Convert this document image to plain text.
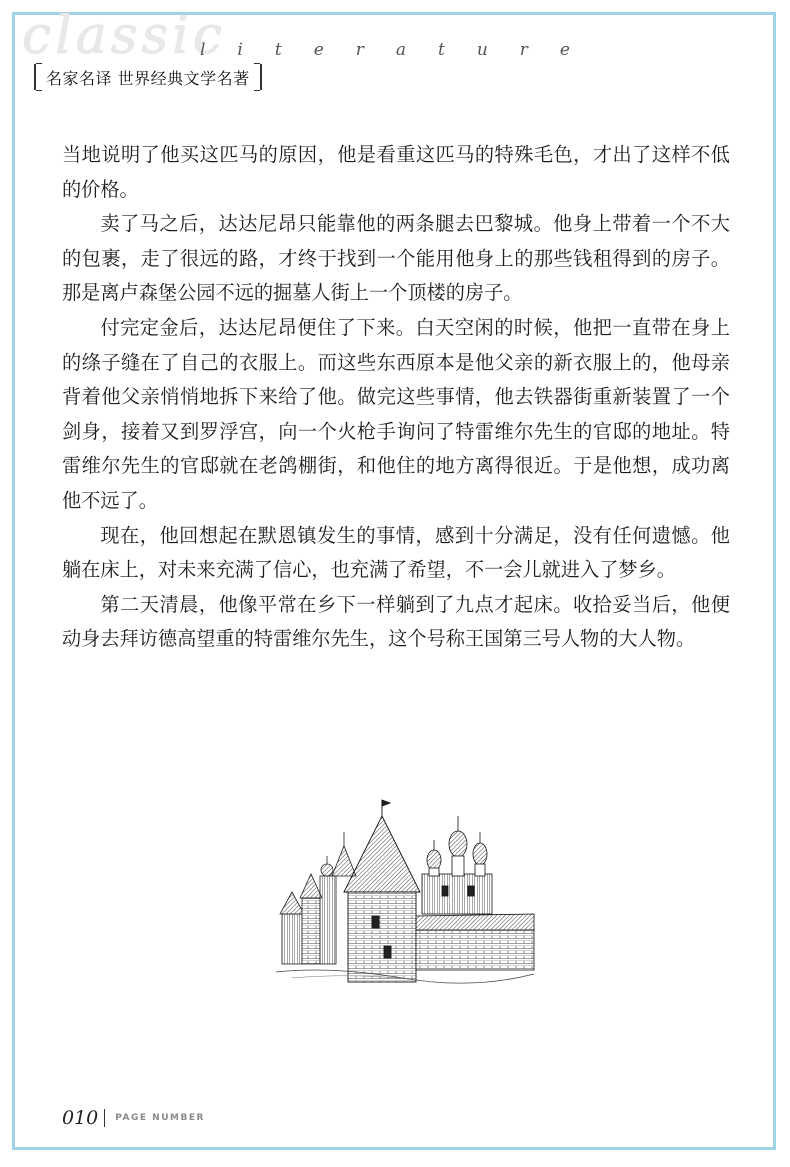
classic
literature
名家名译 世界经典文学名著

当地说明了他买这匹马的原因，他是看重这匹马的特殊毛色，才出了这样不低的价格。

卖了马之后，达达尼昂只能靠他的两条腿去巴黎城。他身上带着一个不大的包裹，走了很远的路，才终于找到一个能用他身上的那些钱租得到的房子。那是离卢森堡公园不远的掘墓人街上一个顶楼的房子。

付完定金后，达达尼昂便住了下来。白天空闲的时候，他把一直带在身上的绦子缝在了自己的衣服上。而这些东西原本是他父亲的新衣服上的，他母亲背着他父亲悄悄地拆下来给了他。做完这些事情，他去铁器街重新装置了一个剑身，接着又到罗浮宫，向一个火枪手询问了特雷维尔先生的官邸的地址。特雷维尔先生的官邸就在老鸽棚街，和他住的地方离得很近。于是他想，成功离他不远了。

现在，他回想起在默恩镇发生的事情，感到十分满足，没有任何遗憾。他躺在床上，对未来充满了信心，也充满了希望，不一会儿就进入了梦乡。

第二天清晨，他像平常在乡下一样躺到了九点才起床。收拾妥当后，他便动身去拜访德高望重的特雷维尔先生，这个号称王国第三号人物的大人物。

010 PAGE NUMBER
